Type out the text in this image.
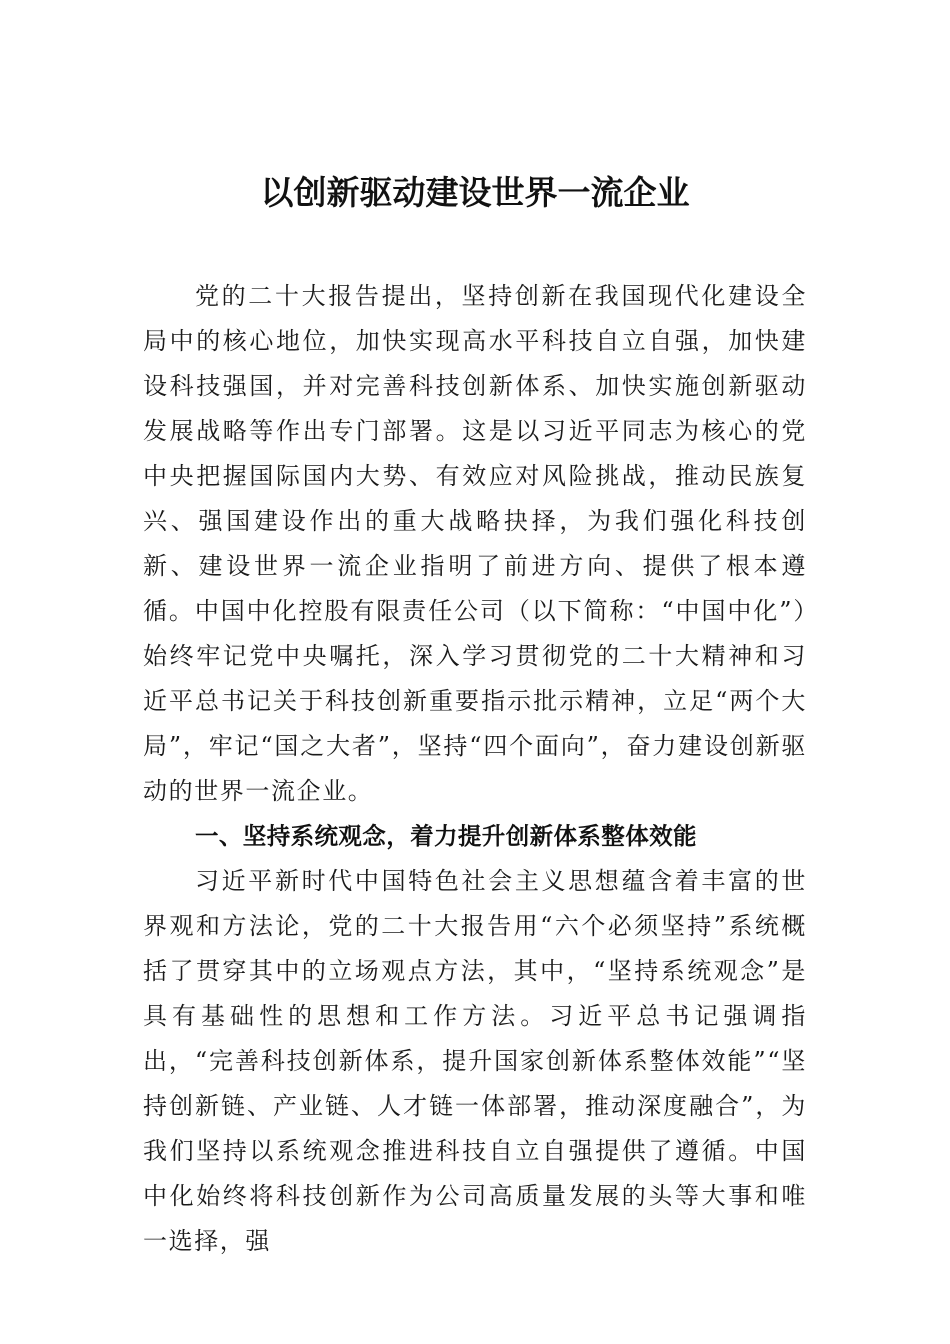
以创新驱动建设世界一流企业

党的二十大报告提出，坚持创新在我国现代化建设全局中的核心地位，加快实现高水平科技自立自强，加快建设科技强国，并对完善科技创新体系、加快实施创新驱动发展战略等作出专门部署。这是以习近平同志为核心的党中央把握国际国内大势、有效应对风险挑战，推动民族复兴、强国建设作出的重大战略抉择，为我们强化科技创新、建设世界一流企业指明了前进方向、提供了根本遵循。中国中化控股有限责任公司（以下简称：“中国中化”）始终牢记党中央嘱托，深入学习贯彻党的二十大精神和习近平总书记关于科技创新重要指示批示精神，立足“两个大局”，牢记“国之大者”，坚持“四个面向”，奋力建设创新驱动的世界一流企业。

一、坚持系统观念，着力提升创新体系整体效能

习近平新时代中国特色社会主义思想蕴含着丰富的世界观和方法论，党的二十大报告用“六个必须坚持”系统概括了贯穿其中的立场观点方法，其中，“坚持系统观念”是具有基础性的思想和工作方法。习近平总书记强调指出，“完善科技创新体系，提升国家创新体系整体效能”“坚持创新链、产业链、人才链一体部署，推动深度融合”，为我们坚持以系统观念推进科技自立自强提供了遵循。中国中化始终将科技创新作为公司高质量发展的头等大事和唯一选择，强
